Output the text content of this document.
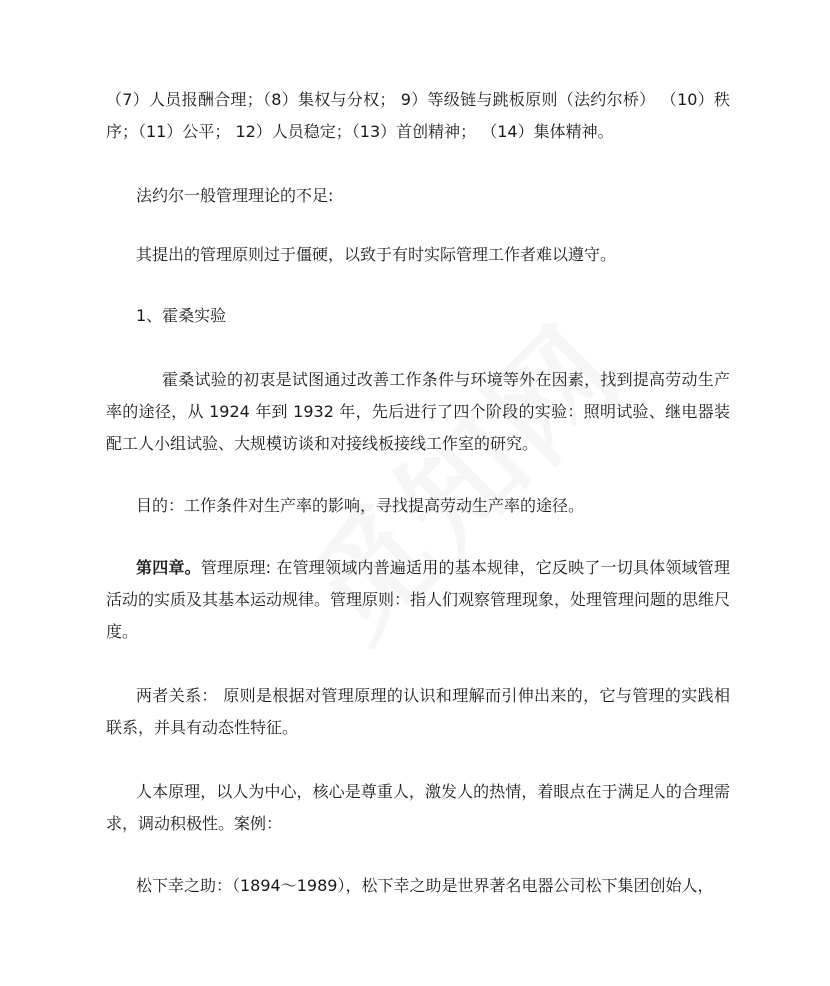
（7）人员报酬合理；（8）集权与分权； 9）等级链与跳板原则（法约尔桥） （10）秩序；（11）公平； 12）人员稳定；（13）首创精神； （14）集体精神。

法约尔一般管理理论的不足:

其提出的管理原则过于僵硬，以致于有时实际管理工作者难以遵守。

1、霍桑实验

霍桑试验的初衷是试图通过改善工作条件与环境等外在因素，找到提高劳动生产率的途径，从 1924 年到 1932 年，先后进行了四个阶段的实验：照明试验、继电器装配工人小组试验、大规模访谈和对接线板接线工作室的研究。

目的：工作条件对生产率的影响，寻找提高劳动生产率的途径。

第四章。管理原理: 在管理领域内普遍适用的基本规律，它反映了一切具体领域管理活动的实质及其基本运动规律。管理原则：指人们观察管理现象，处理管理问题的思维尺度。

两者关系： 原则是根据对管理原理的认识和理解而引伸出来的，它与管理的实践相联系，并具有动态性特征。

人本原理，以人为中心，核心是尊重人，激发人的热情，着眼点在于满足人的合理需求，调动积极性。案例：

松下幸之助：（1894～1989），松下幸之助是世界著名电器公司松下集团创始人，
